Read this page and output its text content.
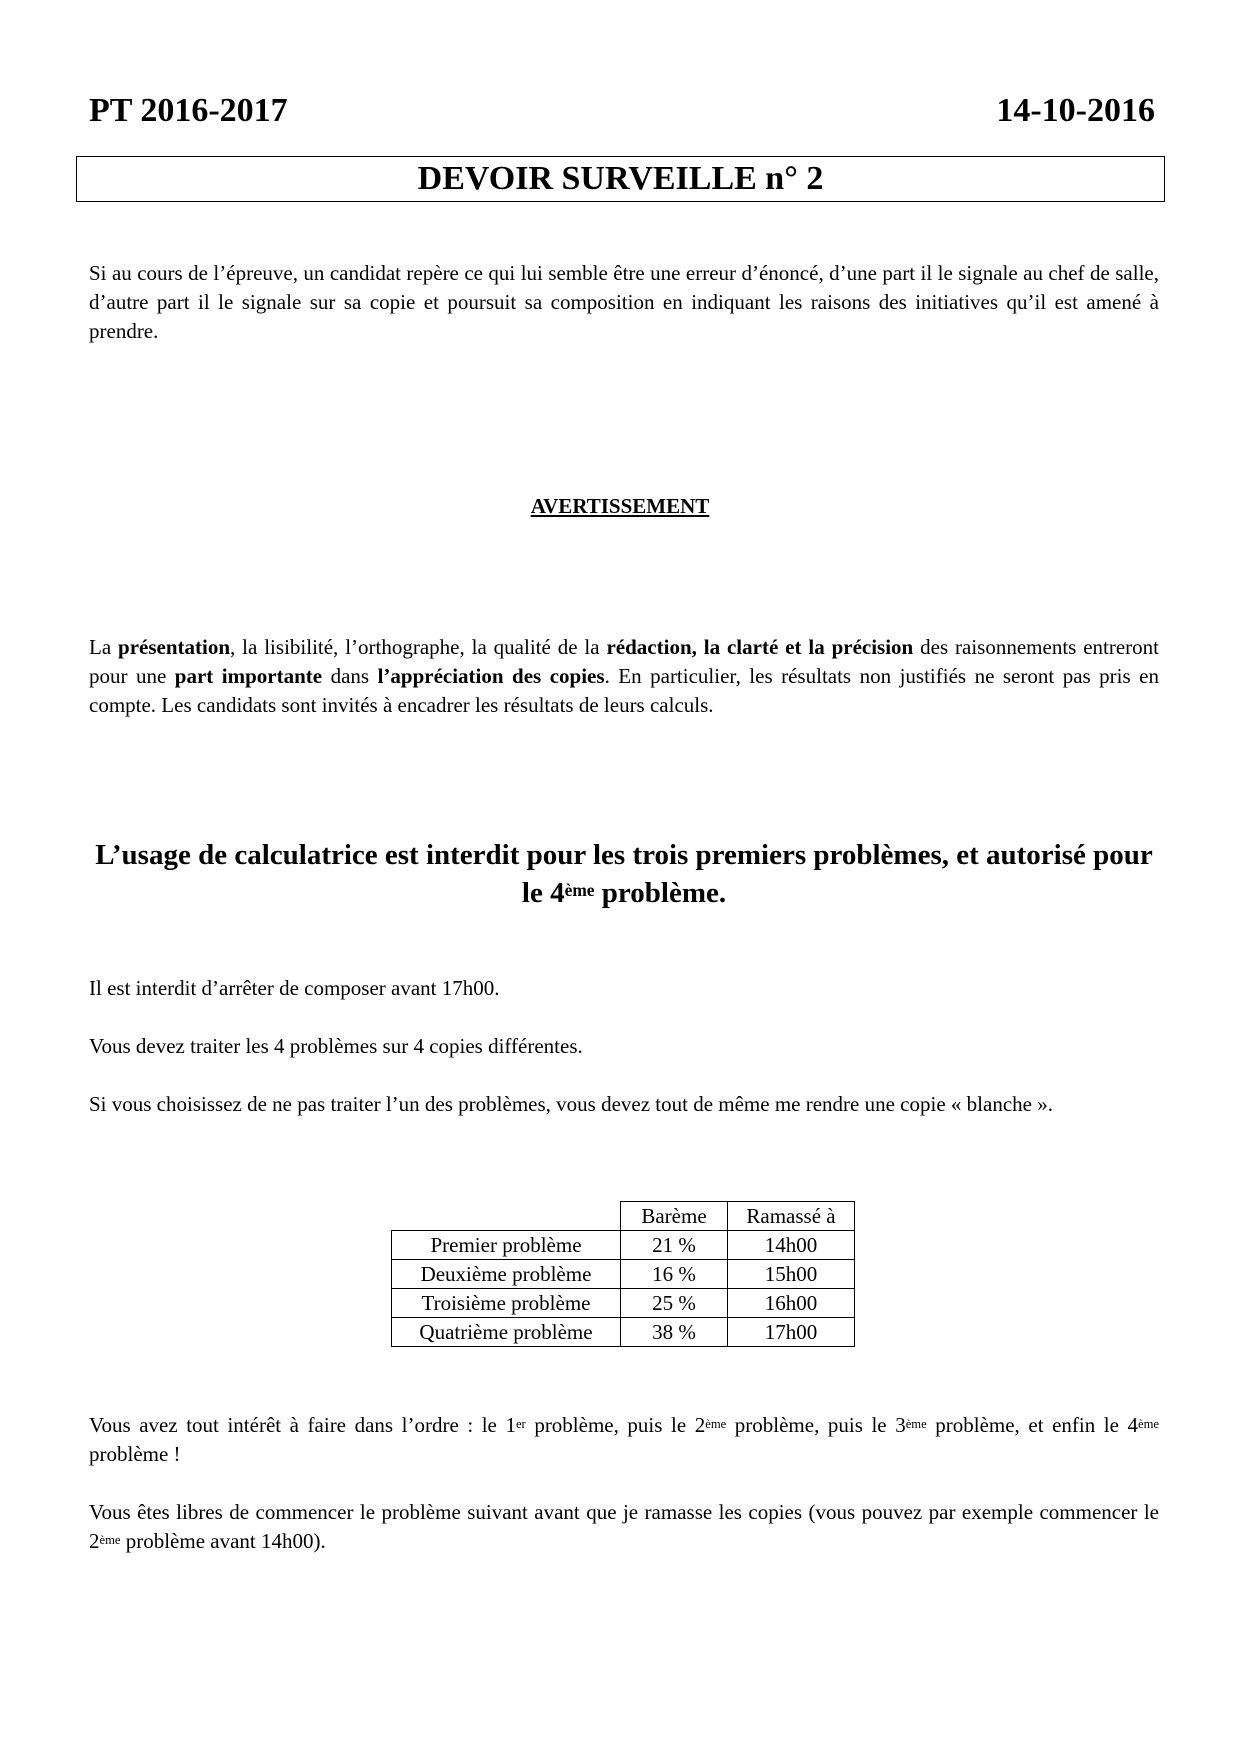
PT 2016-2017	14-10-2016
DEVOIR SURVEILLE n° 2

Si au cours de l’épreuve, un candidat repère ce qui lui semble être une erreur d’énoncé, d’une part il le signale au chef de salle, d’autre part il le signale sur sa copie et poursuit sa composition en indiquant les raisons des initiatives qu’il est amené à prendre.

AVERTISSEMENT

La présentation, la lisibilité, l’orthographe, la qualité de la rédaction, la clarté et la précision des raisonnements entreront pour une part importante dans l’appréciation des copies. En particulier, les résultats non justifiés ne seront pas pris en compte. Les candidats sont invités à encadrer les résultats de leurs calculs.

L’usage de calculatrice est interdit pour les trois premiers problèmes, et autorisé pour le 4ème problème.

Il est interdit d’arrêter de composer avant 17h00.

Vous devez traiter les 4 problèmes sur 4 copies différentes.

Si vous choisissez de ne pas traiter l’un des problèmes, vous devez tout de même me rendre une copie « blanche ».

	Barème	Ramassé à
Premier problème	21 %	14h00
Deuxième problème	16 %	15h00
Troisième problème	25 %	16h00
Quatrième problème	38 %	17h00

Vous avez tout intérêt à faire dans l’ordre : le 1er problème, puis le 2ème problème, puis le 3ème problème, et enfin le 4ème problème !

Vous êtes libres de commencer le problème suivant avant que je ramasse les copies (vous pouvez par exemple commencer le 2ème problème avant 14h00).
